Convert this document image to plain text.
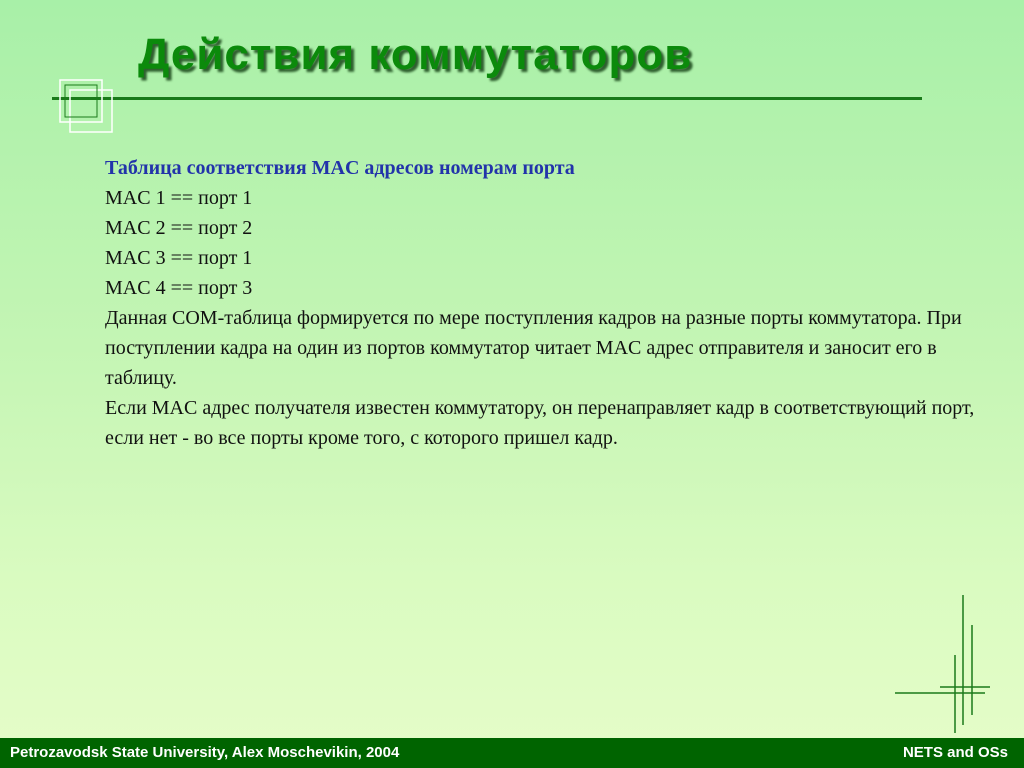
Действия коммутаторов
Таблица соответствия MAC адресов номерам порта
MAC 1 == порт 1
MAC 2 == порт 2
MAC 3 == порт 1
MAC 4 == порт 3
Данная COM-таблица формируется по мере поступления кадров на разные порты коммутатора. При поступлении кадра на один из портов коммутатор читает MAC адрес отправителя и заносит его в таблицу.
Если MAC адрес получателя известен коммутатору, он перенаправляет кадр в соответствующий порт, если нет - во все порты кроме того, с которого пришел кадр.
Petrozavodsk State University, Alex Moschevikin, 2004	NETS and OSs
